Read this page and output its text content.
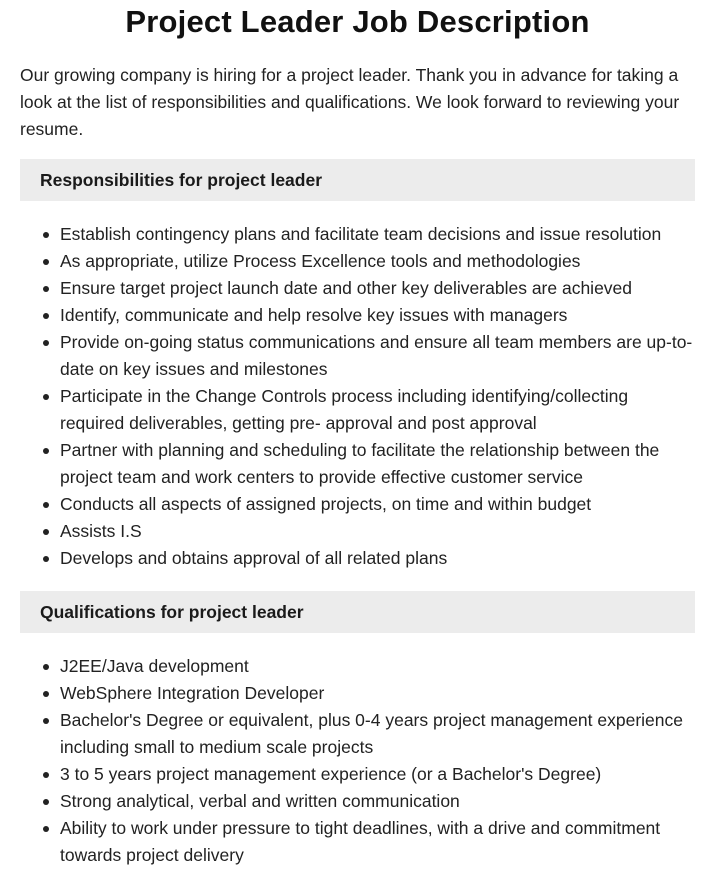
Project Leader Job Description

Our growing company is hiring for a project leader. Thank you in advance for taking a look at the list of responsibilities and qualifications. We look forward to reviewing your resume.

Responsibilities for project leader
Establish contingency plans and facilitate team decisions and issue resolution
As appropriate, utilize Process Excellence tools and methodologies
Ensure target project launch date and other key deliverables are achieved
Identify, communicate and help resolve key issues with managers
Provide on-going status communications and ensure all team members are up-to-date on key issues and milestones
Participate in the Change Controls process including identifying/collecting required deliverables, getting pre- approval and post approval
Partner with planning and scheduling to facilitate the relationship between the project team and work centers to provide effective customer service
Conducts all aspects of assigned projects, on time and within budget
Assists I.S
Develops and obtains approval of all related plans
Qualifications for project leader
J2EE/Java development
WebSphere Integration Developer
Bachelor's Degree or equivalent, plus 0-4 years project management experience including small to medium scale projects
3 to 5 years project management experience (or a Bachelor's Degree)
Strong analytical, verbal and written communication
Ability to work under pressure to tight deadlines, with a drive and commitment towards project delivery
